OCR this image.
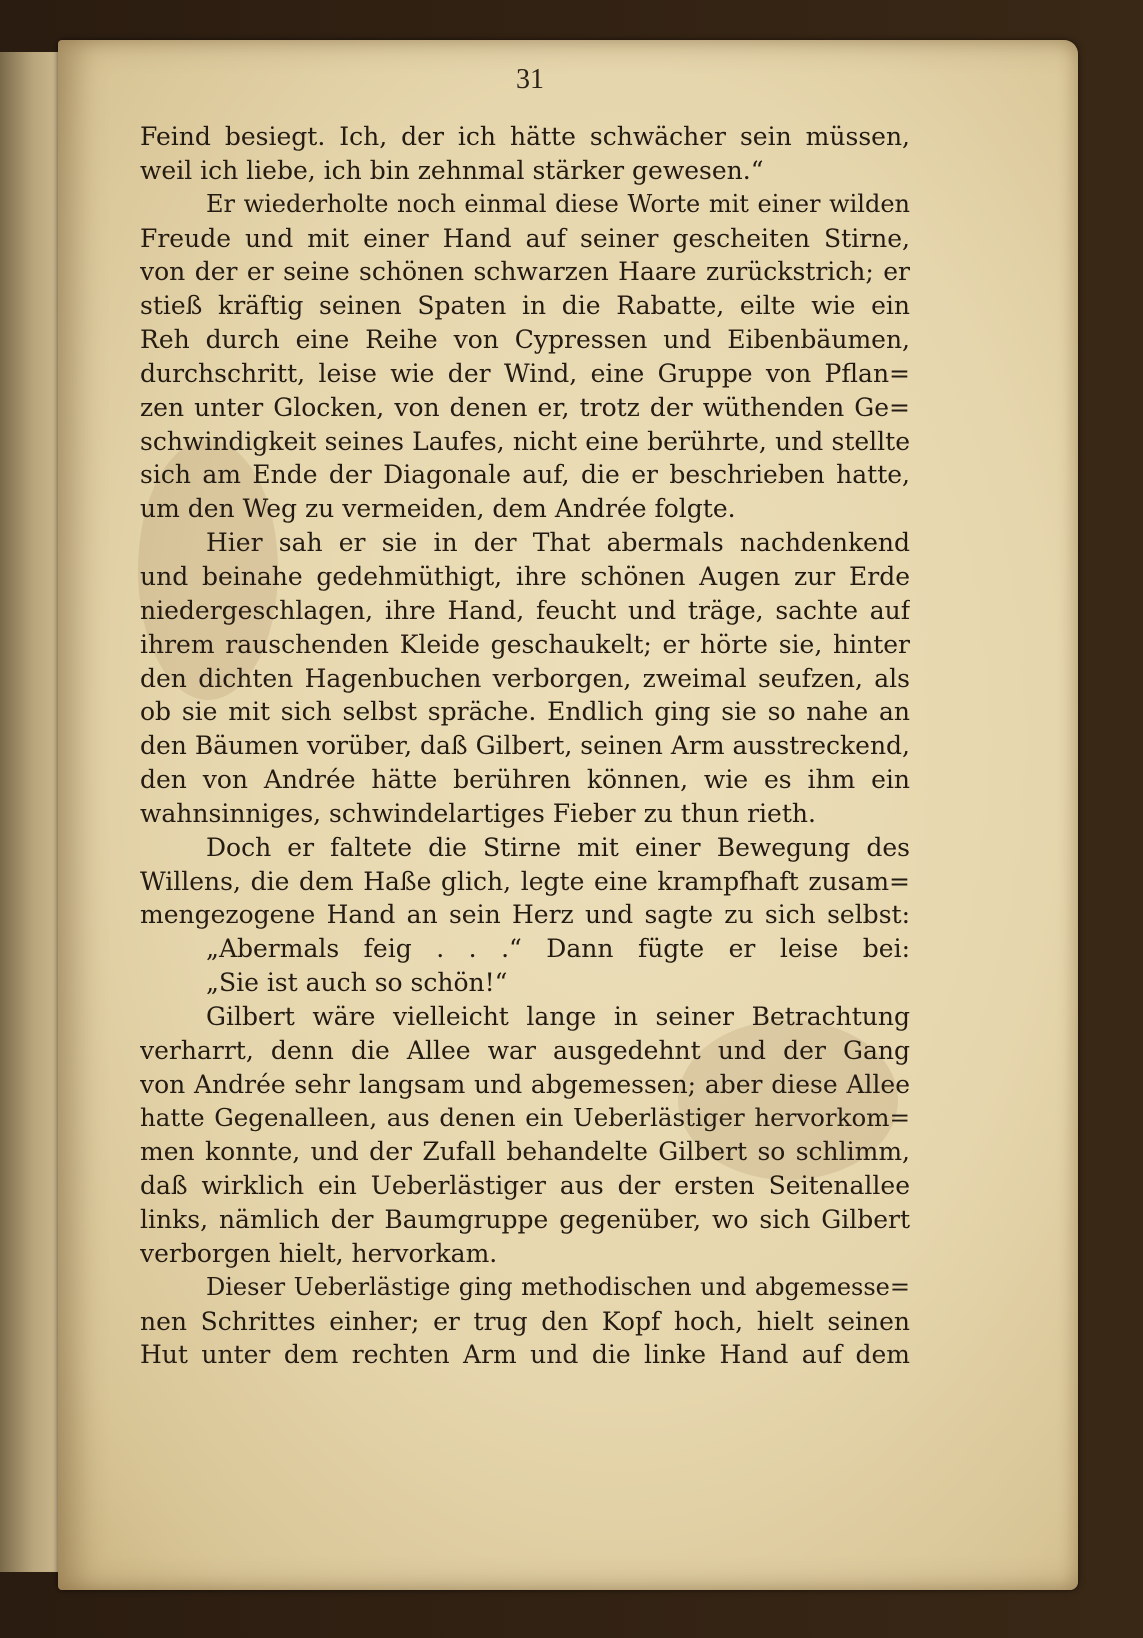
31
Feind besiegt. Ich, der ich hätte schwächer sein müssen,
weil ich liebe, ich bin zehnmal stärker gewesen.“
Er wiederholte noch einmal diese Worte mit einer wilden
Freude und mit einer Hand auf seiner gescheiten Stirne,
von der er seine schönen schwarzen Haare zurückstrich; er
stieß kräftig seinen Spaten in die Rabatte, eilte wie ein
Reh durch eine Reihe von Cypressen und Eibenbäumen,
durchschritt, leise wie der Wind, eine Gruppe von Pflan=
zen unter Glocken, von denen er, trotz der wüthenden Ge=
schwindigkeit seines Laufes, nicht eine berührte, und stellte
sich am Ende der Diagonale auf, die er beschrieben hatte,
um den Weg zu vermeiden, dem Andrée folgte.
Hier sah er sie in der That abermals nachdenkend
und beinahe gedehmüthigt, ihre schönen Augen zur Erde
niedergeschlagen, ihre Hand, feucht und träge, sachte auf
ihrem rauschenden Kleide geschaukelt; er hörte sie, hinter
den dichten Hagenbuchen verborgen, zweimal seufzen, als
ob sie mit sich selbst spräche. Endlich ging sie so nahe an
den Bäumen vorüber, daß Gilbert, seinen Arm ausstreckend,
den von Andrée hätte berühren können, wie es ihm ein
wahnsinniges, schwindelartiges Fieber zu thun rieth.
Doch er faltete die Stirne mit einer Bewegung des
Willens, die dem Haße glich, legte eine krampfhaft zusam=
mengezogene Hand an sein Herz und sagte zu sich selbst:
„Abermals feig . . .“ Dann fügte er leise bei:
„Sie ist auch so schön!“
Gilbert wäre vielleicht lange in seiner Betrachtung
verharrt, denn die Allee war ausgedehnt und der Gang
von Andrée sehr langsam und abgemessen; aber diese Allee
hatte Gegenalleen, aus denen ein Ueberlästiger hervorkom=
men konnte, und der Zufall behandelte Gilbert so schlimm,
daß wirklich ein Ueberlästiger aus der ersten Seitenallee
links, nämlich der Baumgruppe gegenüber, wo sich Gilbert
verborgen hielt, hervorkam.
Dieser Ueberlästige ging methodischen und abgemesse=
nen Schrittes einher; er trug den Kopf hoch, hielt seinen
Hut unter dem rechten Arm und die linke Hand auf dem
